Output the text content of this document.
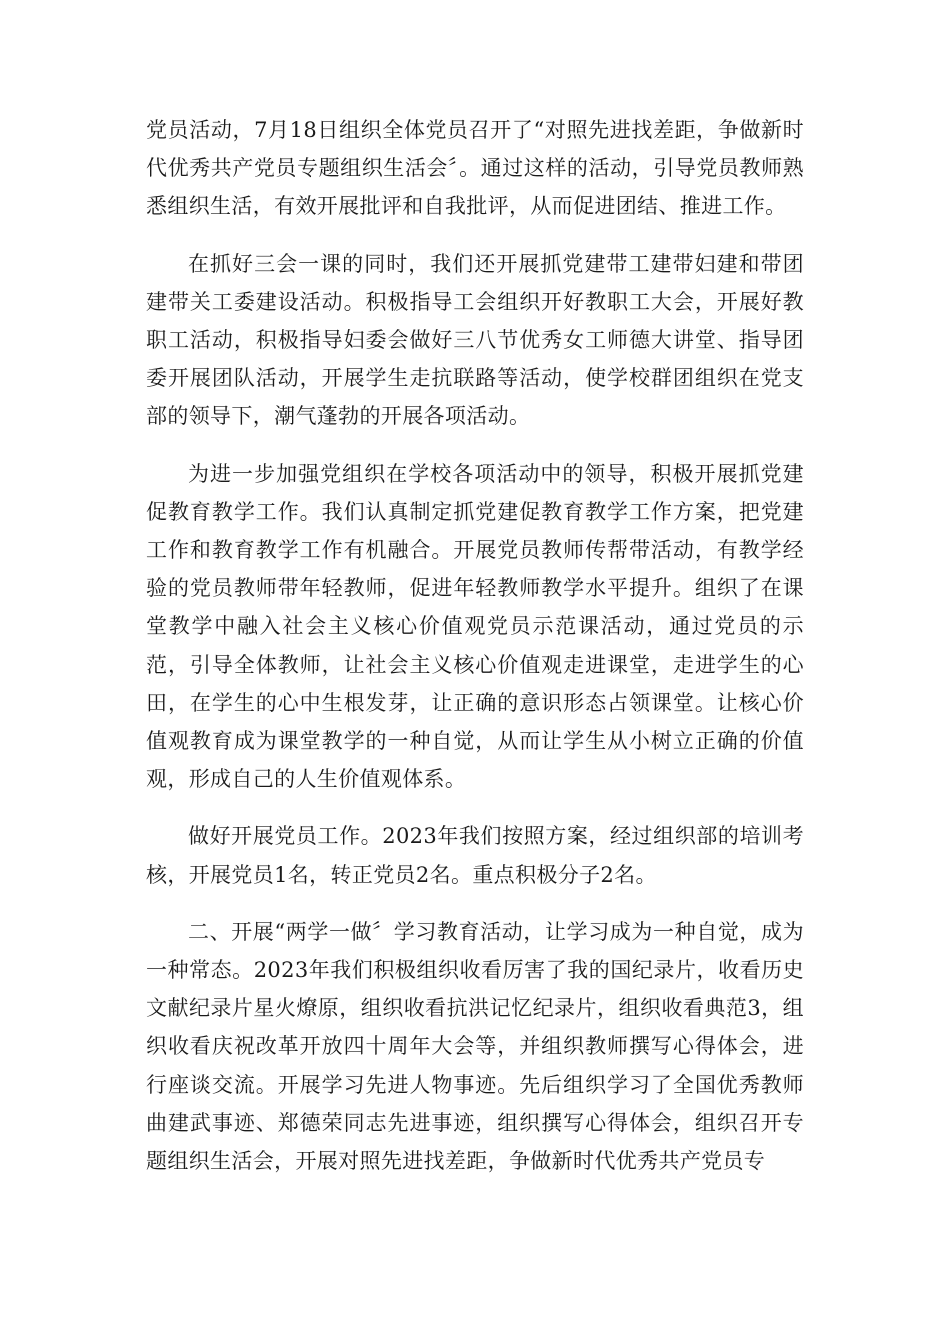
党员活动，7月18日组织全体党员召开了“对照先进找差距，争做新时代优秀共产党员专题组织生活会〞。通过这样的活动，引导党员教师熟悉组织生活，有效开展批评和自我批评，从而促进团结、推进工作。

在抓好三会一课的同时，我们还开展抓党建带工建带妇建和带团建带关工委建设活动。积极指导工会组织开好教职工大会，开展好教职工活动，积极指导妇委会做好三八节优秀女工师德大讲堂、指导团委开展团队活动，开展学生走抗联路等活动，使学校群团组织在党支部的领导下，潮气蓬勃的开展各项活动。

为进一步加强党组织在学校各项活动中的领导，积极开展抓党建促教育教学工作。我们认真制定抓党建促教育教学工作方案，把党建工作和教育教学工作有机融合。开展党员教师传帮带活动，有教学经验的党员教师带年轻教师，促进年轻教师教学水平提升。组织了在课堂教学中融入社会主义核心价值观党员示范课活动，通过党员的示范，引导全体教师，让社会主义核心价值观走进课堂，走进学生的心田，在学生的心中生根发芽，让正确的意识形态占领课堂。让核心价值观教育成为课堂教学的一种自觉，从而让学生从小树立正确的价值观，形成自己的人生价值观体系。

做好开展党员工作。2023年我们按照方案，经过组织部的培训考核，开展党员1名，转正党员2名。重点积极分子2名。

二、开展“两学一做〞学习教育活动，让学习成为一种自觉，成为一种常态。2023年我们积极组织收看厉害了我的国纪录片，收看历史文献纪录片星火燎原，组织收看抗洪记忆纪录片，组织收看典范3，组织收看庆祝改革开放四十周年大会等，并组织教师撰写心得体会，进行座谈交流。开展学习先进人物事迹。先后组织学习了全国优秀教师曲建武事迹、郑德荣同志先进事迹，组织撰写心得体会，组织召开专题组织生活会，开展对照先进找差距，争做新时代优秀共产党员专
